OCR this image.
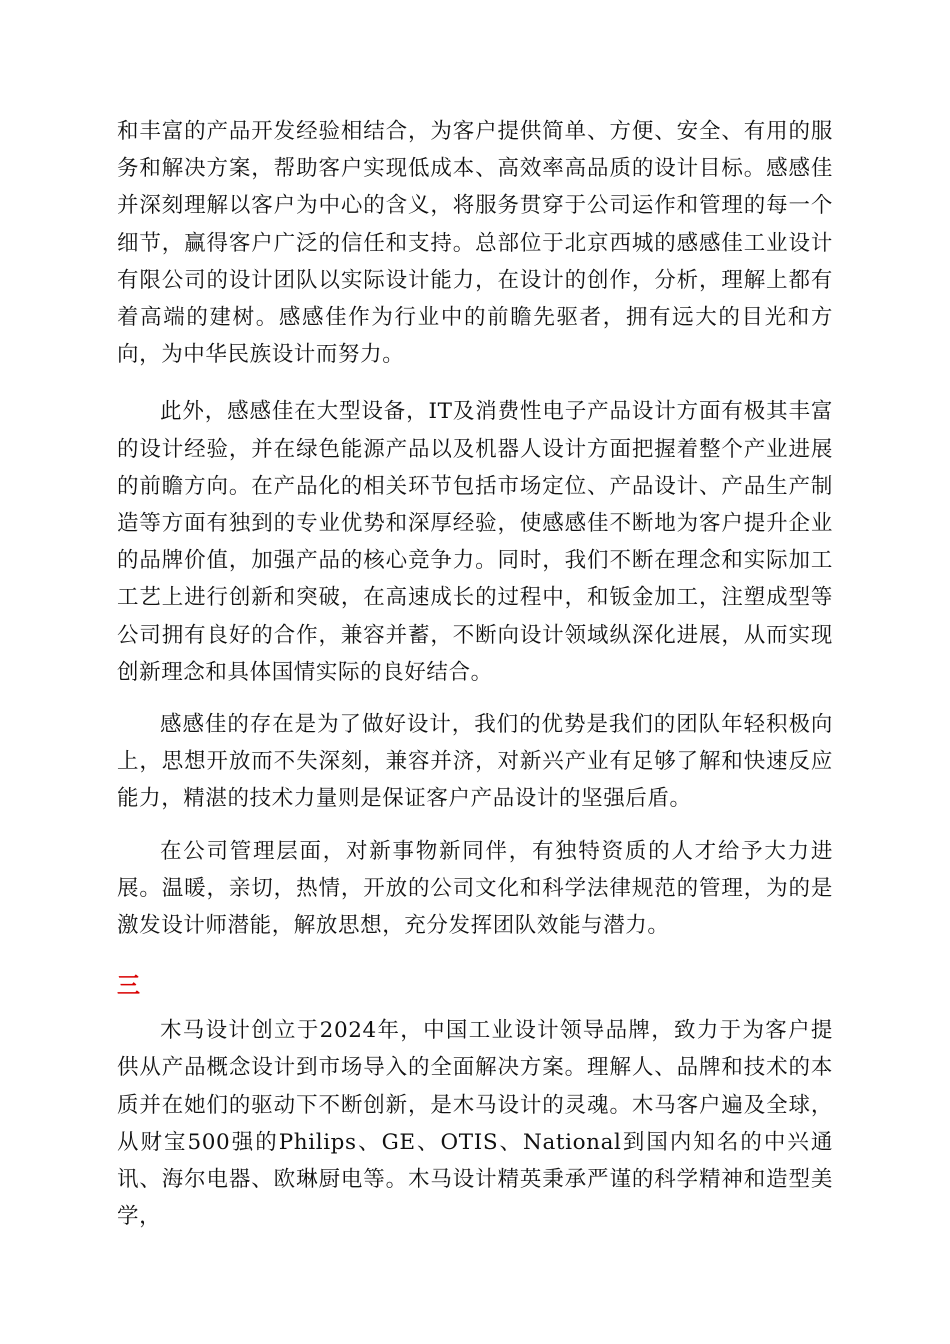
和丰富的产品开发经验相结合，为客户提供简单、方便、安全、有用的服务和解决方案，帮助客户实现低成本、高效率高品质的设计目标。感感佳并深刻理解以客户为中心的含义，将服务贯穿于公司运作和管理的每一个细节，赢得客户广泛的信任和支持。总部位于北京西城的感感佳工业设计有限公司的设计团队以实际设计能力，在设计的创作，分析，理解上都有着高端的建树。感感佳作为行业中的前瞻先驱者，拥有远大的目光和方向，为中华民族设计而努力。

此外，感感佳在大型设备，IT及消费性电子产品设计方面有极其丰富的设计经验，并在绿色能源产品以及机器人设计方面把握着整个产业进展的前瞻方向。在产品化的相关环节包括市场定位、产品设计、产品生产制造等方面有独到的专业优势和深厚经验，使感感佳不断地为客户提升企业的品牌价值，加强产品的核心竞争力。同时，我们不断在理念和实际加工工艺上进行创新和突破，在高速成长的过程中，和钣金加工，注塑成型等公司拥有良好的合作，兼容并蓄，不断向设计领域纵深化进展，从而实现创新理念和具体国情实际的良好结合。

感感佳的存在是为了做好设计，我们的优势是我们的团队年轻积极向上，思想开放而不失深刻，兼容并济，对新兴产业有足够了解和快速反应能力，精湛的技术力量则是保证客户产品设计的坚强后盾。

在公司管理层面，对新事物新同伴，有独特资质的人才给予大力进展。温暖，亲切，热情，开放的公司文化和科学法律规范的管理，为的是激发设计师潜能，解放思想，充分发挥团队效能与潜力。

三

木马设计创立于2024年，中国工业设计领导品牌，致力于为客户提供从产品概念设计到市场导入的全面解决方案。理解人、品牌和技术的本质并在她们的驱动下不断创新，是木马设计的灵魂。木马客户遍及全球，从财宝500强的Philips、GE、OTIS、National到国内知名的中兴通讯、海尔电器、欧琳厨电等。木马设计精英秉承严谨的科学精神和造型美学，
